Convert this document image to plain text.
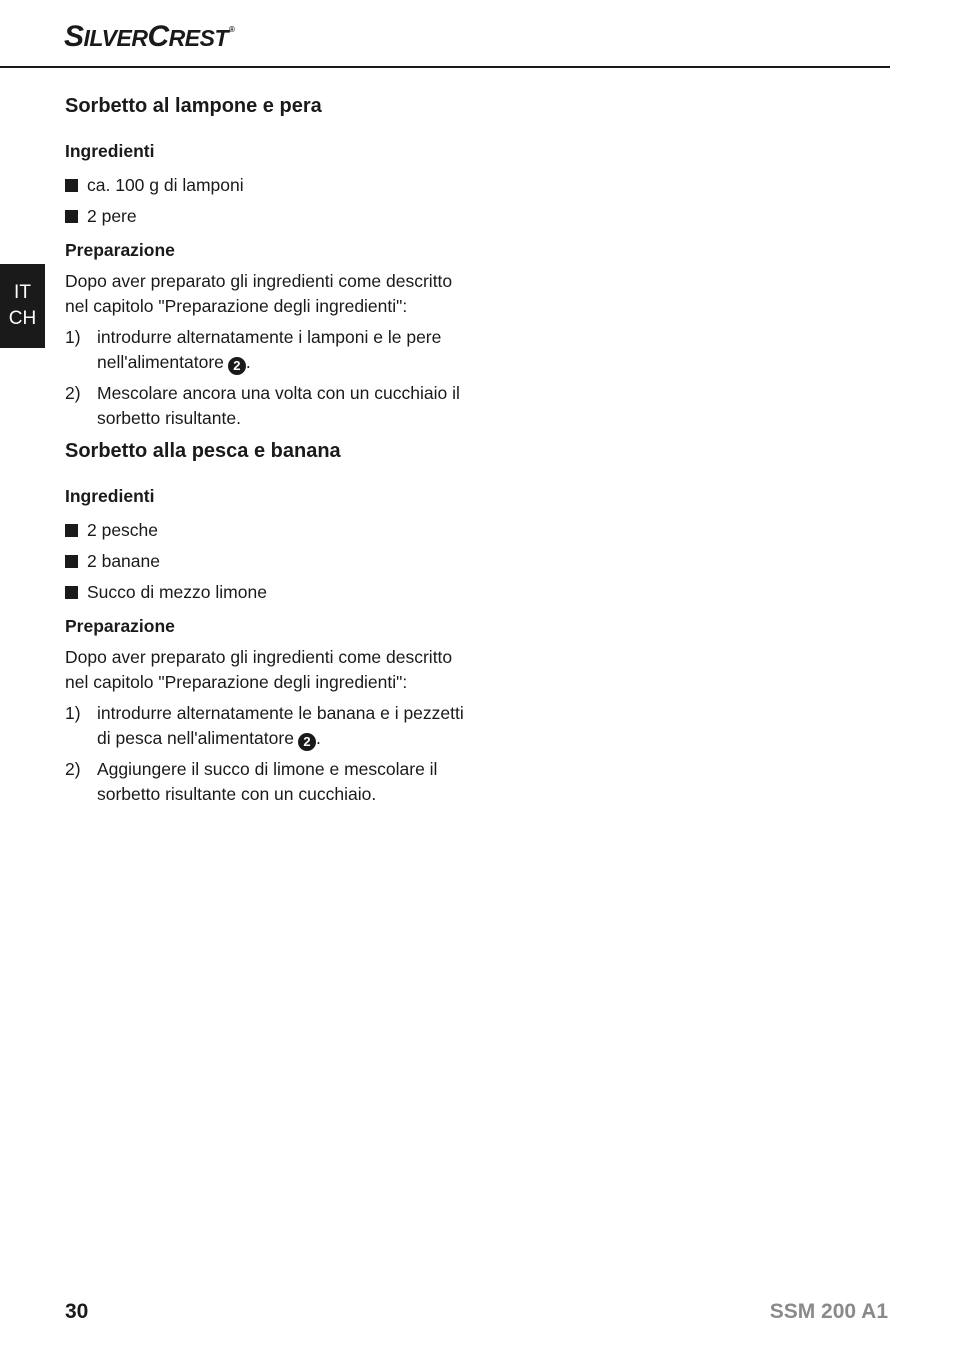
SILVERCREST®
IT
CH
Sorbetto al lampone e pera
Ingredienti
ca. 100 g di lamponi
2 pere
Preparazione

Dopo aver preparato gli ingredienti come descritto nel capitolo "Preparazione degli ingredienti":

1) introdurre alternatamente i lamponi e le pere nell'alimentatore 2 .
2) Mescolare ancora una volta con un cucchiaio il sorbetto risultante.
Sorbetto alla pesca e banana
Ingredienti
2 pesche
2 banane
Succo di mezzo limone
Preparazione

Dopo aver preparato gli ingredienti come descritto nel capitolo "Preparazione degli ingredienti":

1) introdurre alternatamente le banana e i pezzetti di pesca nell'alimentatore 2 .
2) Aggiungere il succo di limone e mescolare il sorbetto risultante con un cucchiaio.
30	SSM 200 A1
